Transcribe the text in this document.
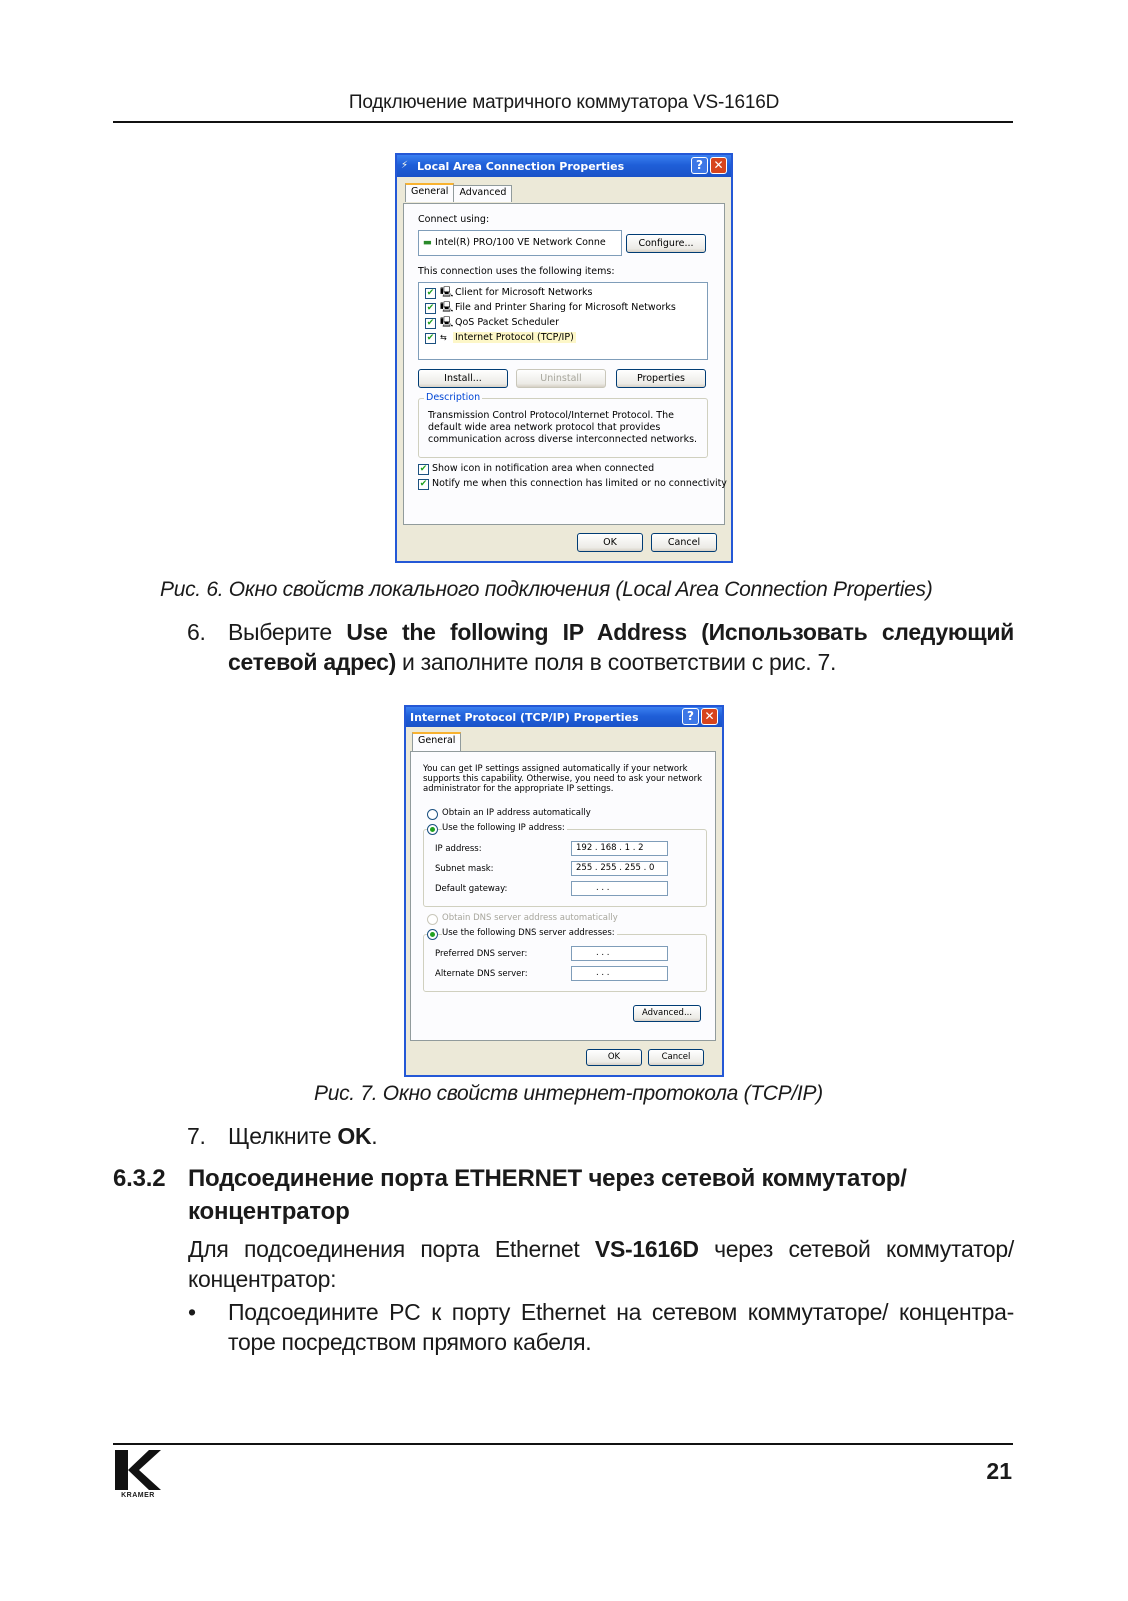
Подключение матричного коммутатора VS-1616D
⚡ Local Area Connection Properties	? ✕
General	Advanced
Connect using:
▬ Intel(R) PRO/100 VE Network Conne	Configure...
This connection uses the following items:
✔ 🖳 Client for Microsoft Networks
✔ 🖳 File and Printer Sharing for Microsoft Networks
✔ 🖳 QoS Packet Scheduler
✔ ⇆ Internet Protocol (TCP/IP)
Install...	Uninstall	Properties
Description
Transmission Control Protocol/Internet Protocol. The default wide area network protocol that provides communication across diverse interconnected networks.
✔ Show icon in notification area when connected
✔ Notify me when this connection has limited or no connectivity
OK	Cancel
Рис. 6. Окно свойств локального подключения (Local Area Connection Properties)
6. Выберите Use the following IP Address (Использовать следующий
сетевой адрес) и заполните поля в соответствии с рис. 7.
Internet Protocol (TCP/IP) Properties	? ✕
General
You can get IP settings assigned automatically if your network supports this capability. Otherwise, you need to ask your network administrator for the appropriate IP settings.
Obtain an IP address automatically
Use the following IP address:
IP address:	192 . 168 . 1 . 2
Subnet mask:	255 . 255 . 255 . 0
Default gateway:	. . .
Obtain DNS server address automatically
Use the following DNS server addresses:
Preferred DNS server:	. . .
Alternate DNS server:	. . .
Advanced...
OK	Cancel
Рис. 7. Окно свойств интернет-протокола (TCP/IP)
7. Щелкните OK.
6.3.2 Подсоединение порта ETHERNET через сетевой коммутатор/
концентратор
Для подсоединения порта Ethernet VS-1616D через сетевой коммутатор/
концентратор:
• Подсоедините PC к порту Ethernet на сетевом коммутаторе/ концентра-
торе посредством прямого кабеля.
KRAMER
21
